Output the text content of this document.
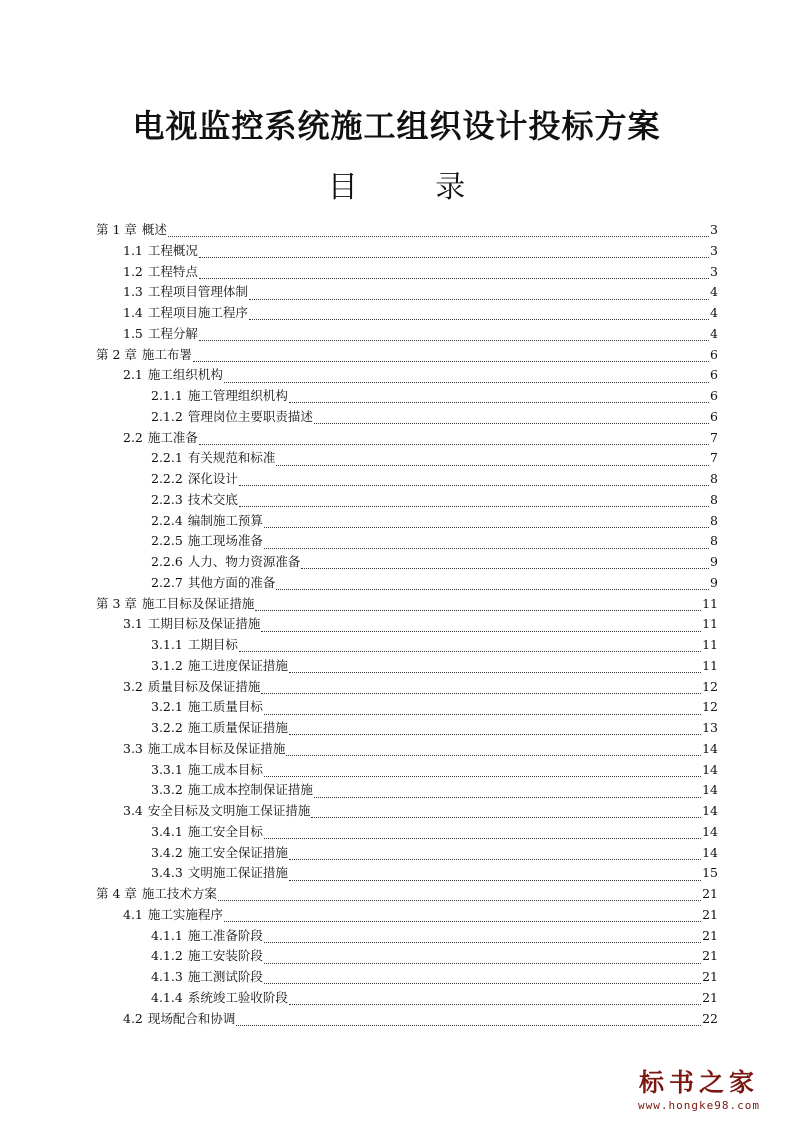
电视监控系统施工组织设计投标方案
目 录
第 1 章 概述	3
1.1 工程概况	3
1.2 工程特点	3
1.3 工程项目管理体制	4
1.4 工程项目施工程序	4
1.5 工程分解	4
第 2 章 施工布署	6
2.1 施工组织机构	6
2.1.1 施工管理组织机构	6
2.1.2 管理岗位主要职责描述	6
2.2 施工准备	7
2.2.1 有关规范和标准	7
2.2.2 深化设计	8
2.2.3 技术交底	8
2.2.4 编制施工预算	8
2.2.5 施工现场准备	8
2.2.6 人力、物力资源准备	9
2.2.7 其他方面的准备	9
第 3 章 施工目标及保证措施	11
3.1 工期目标及保证措施	11
3.1.1 工期目标	11
3.1.2 施工进度保证措施	11
3.2 质量目标及保证措施	12
3.2.1 施工质量目标	12
3.2.2 施工质量保证措施	13
3.3 施工成本目标及保证措施	14
3.3.1 施工成本目标	14
3.3.2 施工成本控制保证措施	14
3.4 安全目标及文明施工保证措施	14
3.4.1 施工安全目标	14
3.4.2 施工安全保证措施	14
3.4.3 文明施工保证措施	15
第 4 章 施工技术方案	21
4.1 施工实施程序	21
4.1.1 施工准备阶段	21
4.1.2 施工安装阶段	21
4.1.3 施工测试阶段	21
4.1.4 系统竣工验收阶段	21
4.2 现场配合和协调	22
标书之家
www.hongke98.com
